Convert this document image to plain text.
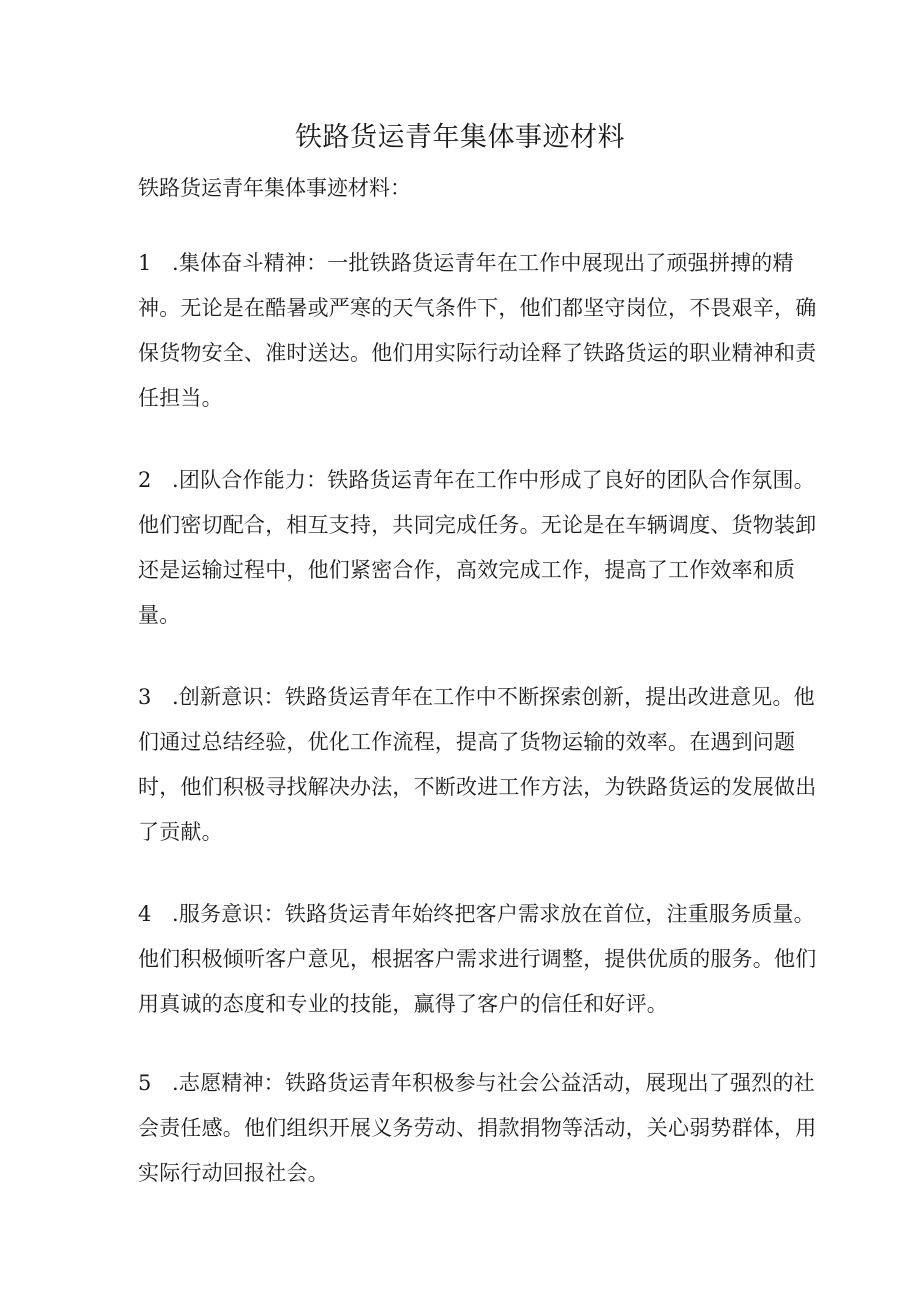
铁路货运青年集体事迹材料
铁路货运青年集体事迹材料：
1 .集体奋斗精神：一批铁路货运青年在工作中展现出了顽强拼搏的精神。无论是在酷暑或严寒的天气条件下，他们都坚守岗位，不畏艰辛，确保货物安全、准时送达。他们用实际行动诠释了铁路货运的职业精神和责任担当。
2 .团队合作能力：铁路货运青年在工作中形成了良好的团队合作氛围。他们密切配合，相互支持，共同完成任务。无论是在车辆调度、货物装卸还是运输过程中，他们紧密合作，高效完成工作，提高了工作效率和质量。
3 .创新意识：铁路货运青年在工作中不断探索创新，提出改进意见。他们通过总结经验，优化工作流程，提高了货物运输的效率。在遇到问题时，他们积极寻找解决办法，不断改进工作方法，为铁路货运的发展做出了贡献。
4 .服务意识：铁路货运青年始终把客户需求放在首位，注重服务质量。他们积极倾听客户意见，根据客户需求进行调整，提供优质的服务。他们用真诚的态度和专业的技能，赢得了客户的信任和好评。
5 .志愿精神：铁路货运青年积极参与社会公益活动，展现出了强烈的社会责任感。他们组织开展义务劳动、捐款捐物等活动，关心弱势群体，用实际行动回报社会。
